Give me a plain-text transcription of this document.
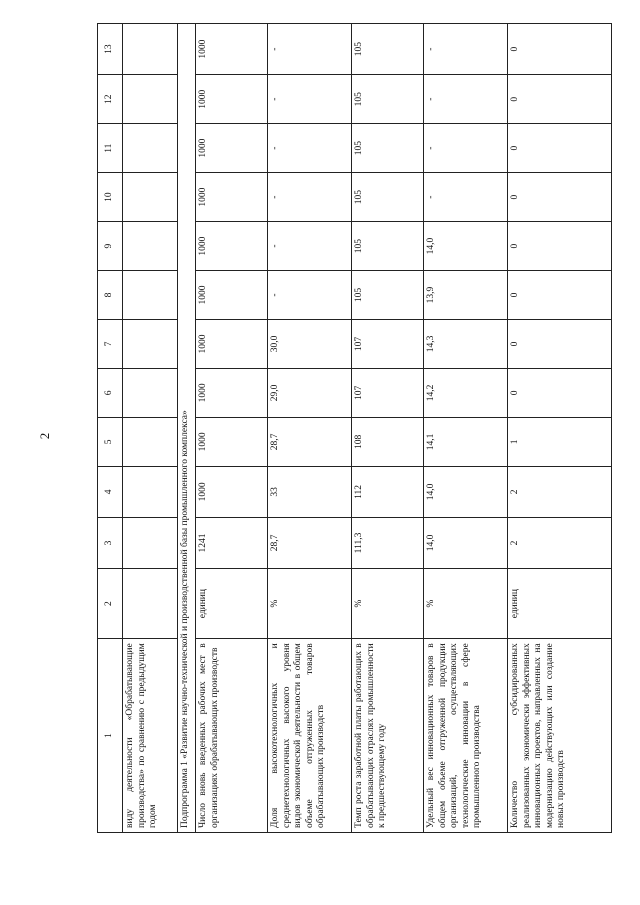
2
1	2	3	4	5	6	7	8	9	10	11	12	13
виду деятельности «Обрабатывающие производства» по сравнению с предыдущим годом												
Подпрограмма 1 «Развитие научно-технической и производственной базы промышленного комплекса»												
Число вновь введенных рабочих мест в организациях обрабатывающих производств	единиц	1241	1000	1000	1000	1000	1000	1000	1000	1000	1000	1000
Доля высокотехнологичных и среднетехнологичных высокого уровня видов экономической деятельности в общем объеме отгруженных товаров обрабатывающих производств	%	28,7	33	28,7	29,0	30,0	-	-	-	-	-	-
Темп роста заработной платы работающих в обрабатывающих отраслях промышленности к предшествующему году	%	111,3	112	108	107	107	105	105	105	105	105	105
Удельный вес инновационных товаров в общем объеме отгруженной продукции организаций, осуществляющих технологические инновации в сфере промышленного производства	%	14,0	14,0	14,1	14,2	14,3	13,9	14,0	-	-	-	-
Количество субсидированных реализованных экономически эффективных инновационных проектов, направленных на модернизацию действующих или создание новых производств	единиц	2	2	1	0	0	0	0	0	0	0	0
